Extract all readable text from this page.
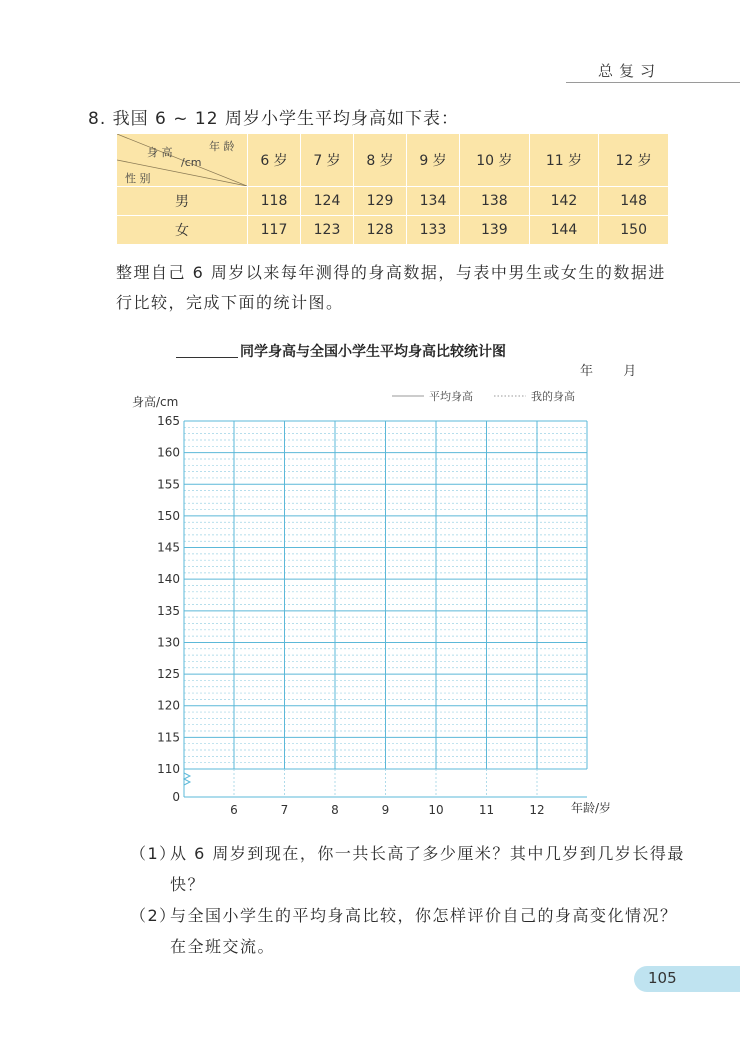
总复习
8. 我国 6 ~ 12 周岁小学生平均身高如下表：
年 龄
身 高
/cm
性 别	6 岁	7 岁	8 岁	9 岁	10 岁	11 岁	12 岁
男	118	124	129	134	138	142	148
女	117	123	128	133	139	144	150
整理自己 6 周岁以来每年测得的身高数据，与表中男生或女生的数据进行比较，完成下面的统计图。
同学身高与全国小学生平均身高比较统计图
年 月
6	7	8	9	10	11	12
0
110
115
120
125
130
135
140
145
150
155
160
165
平均身高	我的身高
身高/cm
年龄/岁
（1）
从 6 周岁到现在，你一共长高了多少厘米？其中几岁到几岁长得最快？
（2）
与全国小学生的平均身高比较，你怎样评价自己的身高变化情况？在全班交流。
105
